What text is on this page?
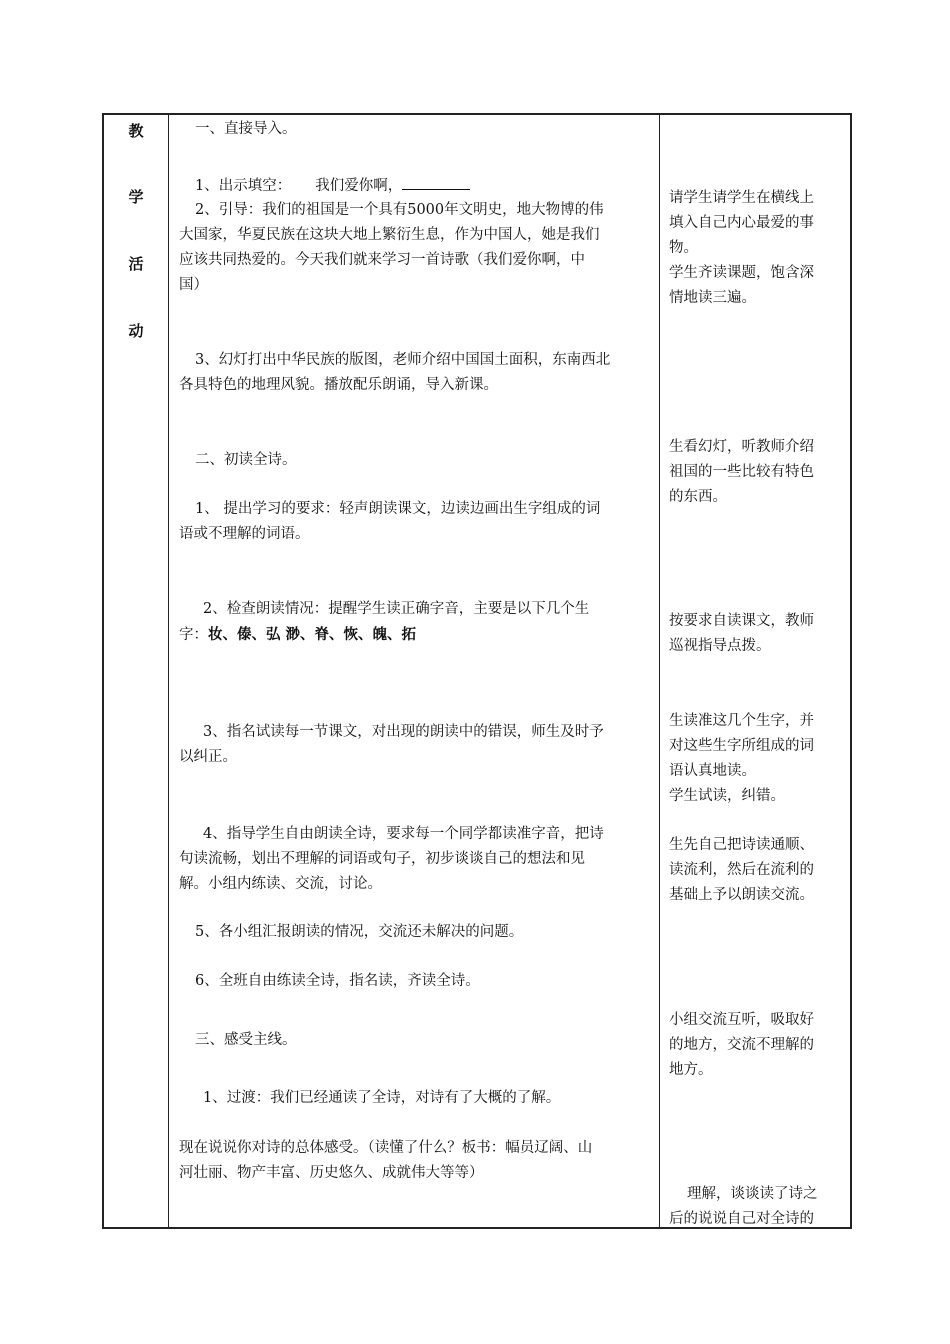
教
学
活
动
一、直接导入。
1、出示填空： 我们爱你啊，
2、引导：我们的祖国是一个具有5000年文明史，地大物博的伟
大国家，华夏民族在这块大地上繁衍生息，作为中国人，她是我们
应该共同热爱的。今天我们就来学习一首诗歌（我们爱你啊，中
国）
3、幻灯打出中华民族的版图，老师介绍中国国土面积，东南西北
各具特色的地理风貌。播放配乐朗诵，导入新课。
二、初读全诗。
1、 提出学习的要求：轻声朗读课文，边读边画出生字组成的词
语或不理解的词语。
2、检查朗读情况：提醒学生读正确字音，主要是以下几个生
字：妆、傣、弘 渺、脊、恢、魄、拓
3、指名试读每一节课文，对出现的朗读中的错误，师生及时予
以纠正。
4、指导学生自由朗读全诗，要求每一个同学都读准字音，把诗
句读流畅，划出不理解的词语或句子，初步谈谈自己的想法和见
解。小组内练读、交流，讨论。
5、各小组汇报朗读的情况，交流还未解决的问题。
6、全班自由练读全诗，指名读，齐读全诗。
三、感受主线。
1、过渡：我们已经通读了全诗，对诗有了大概的了解。
现在说说你对诗的总体感受。（读懂了什么？板书：幅员辽阔、山
河壮丽、物产丰富、历史悠久、成就伟大等等）
请学生请学生在横线上
填入自己内心最爱的事
物。
学生齐读课题，饱含深
情地读三遍。
生看幻灯，听教师介绍
祖国的一些比较有特色
的东西。
按要求自读课文，教师
巡视指导点拨。
生读准这几个生字，并
对这些生字所组成的词
语认真地读。
学生试读，纠错。
生先自己把诗读通顺、
读流利，然后在流利的
基础上予以朗读交流。
小组交流互听，吸取好
的地方，交流不理解的
地方。
理解，谈谈读了诗之
后的说说自己对全诗的
